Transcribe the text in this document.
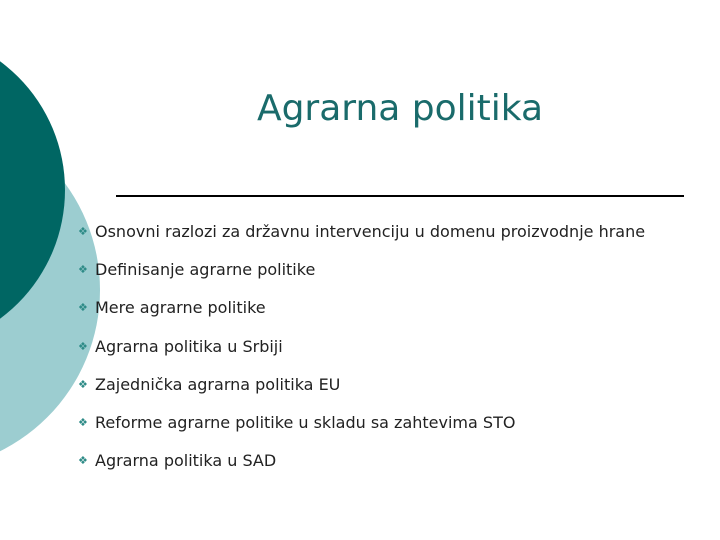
Agrarna politika
❖ Osnovni razlozi za državnu intervenciju u domenu proizvodnje hrane
❖ Definisanje agrarne politike
❖ Mere agrarne politike
❖ Agrarna politika u Srbiji
❖ Zajednička agrarna politika EU
❖ Reforme agrarne politike u skladu sa zahtevima STO
❖ Agrarna politika u SAD
